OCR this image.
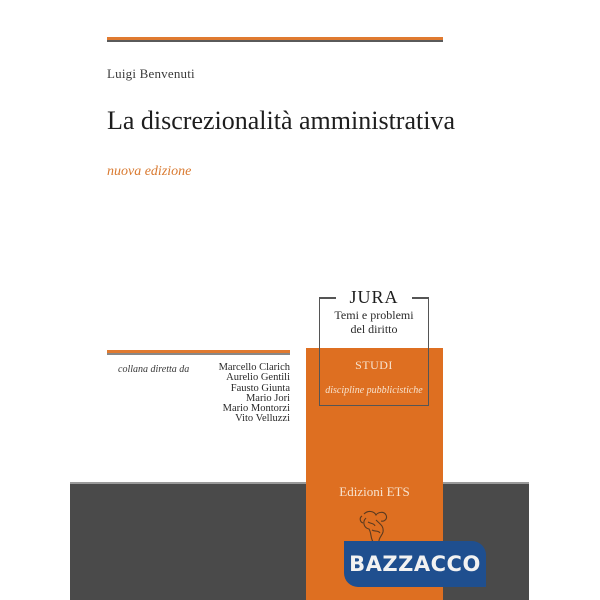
Luigi Benvenuti
La discrezionalità amministrativa
nuova edizione
JURA
Temi e problemi
del diritto
STUDI
discipline pubblicistiche
collana diretta da	Marcello Clarich
Aurelio Gentili
Fausto Giunta
Mario Jori
Mario Montorzi
Vito Velluzzi
Edizioni ETS
BAZZACCO
